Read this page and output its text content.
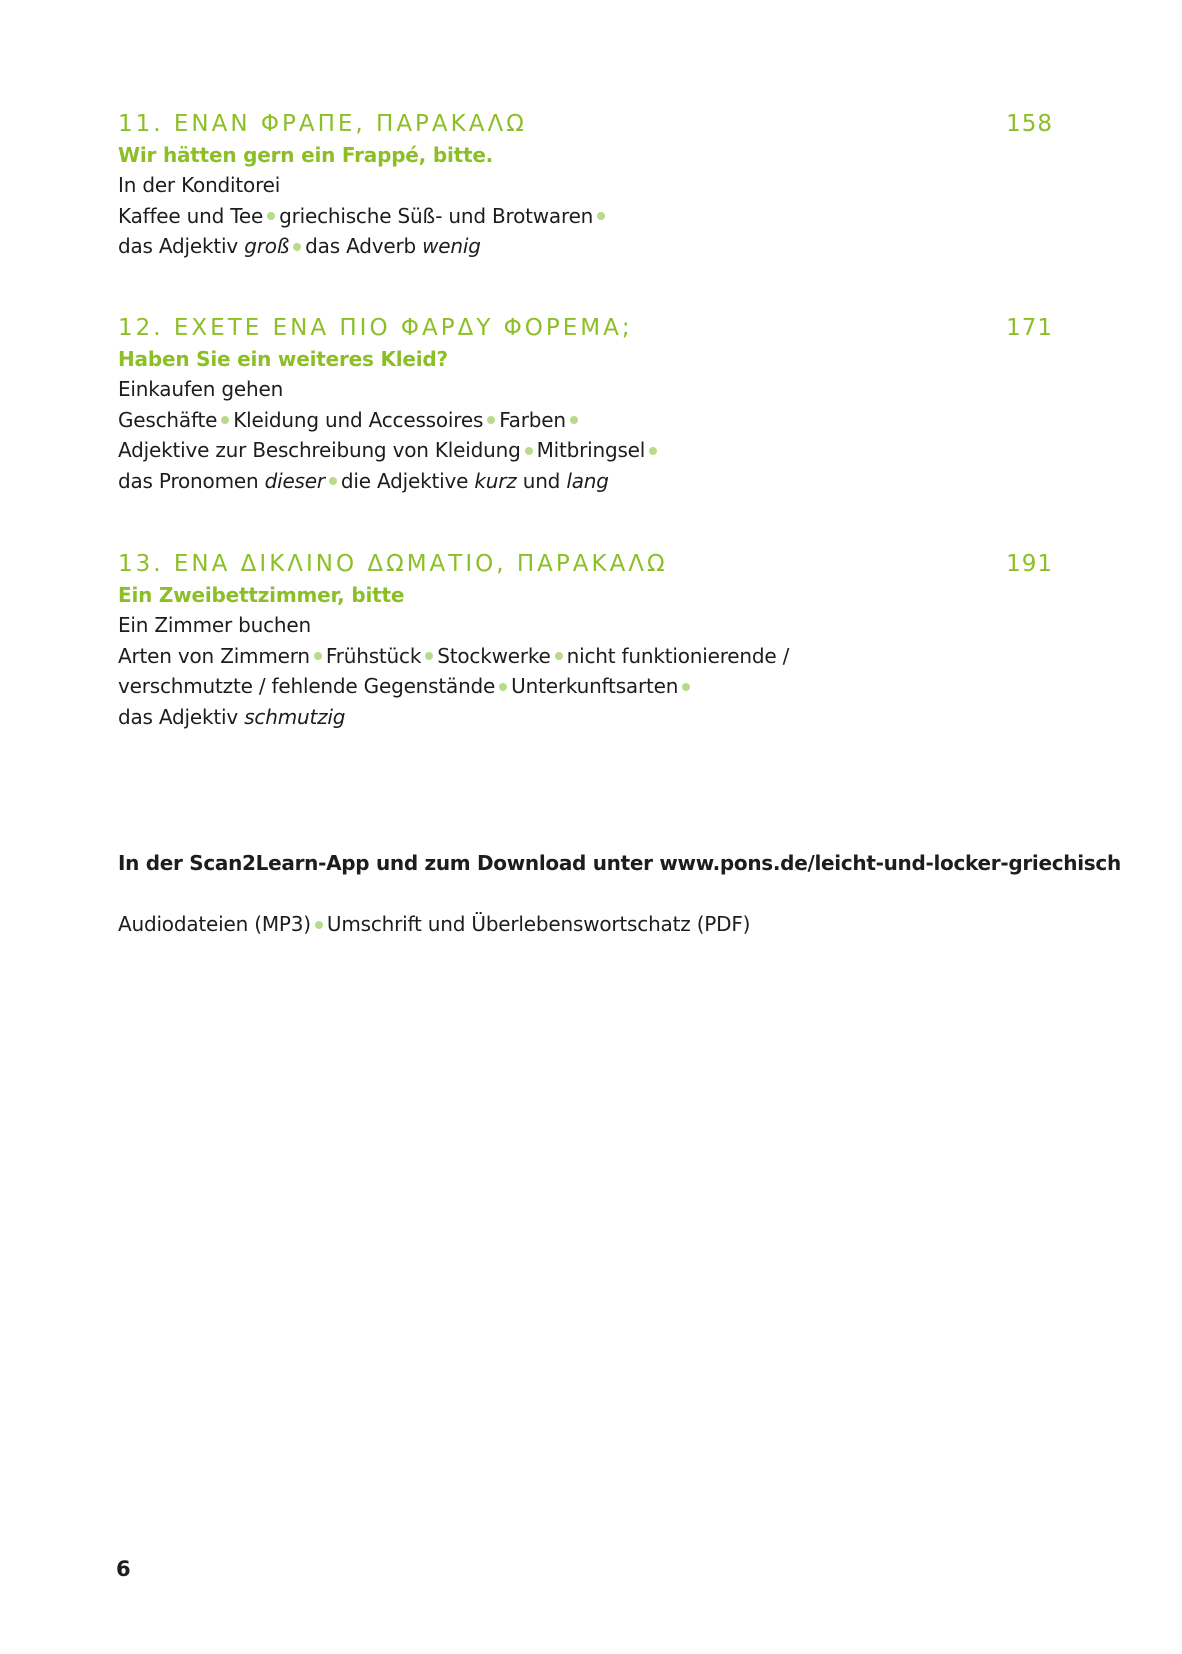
11. ΕΝΑΝ ΦΡΑΠΕ, ΠΑΡΑΚΑΛΩ	158
Wir hätten gern ein Frappé, bitte.
In der Konditorei
Kaffee und Tee griechische Süß- und Brotwaren
das Adjektiv groß das Adverb wenig
12. ΕΧΕΤΕ ΕΝΑ ΠΙΟ ΦΑΡΔΥ ΦΟΡΕΜΑ;	171
Haben Sie ein weiteres Kleid?
Einkaufen gehen
Geschäfte Kleidung und Accessoires Farben
Adjektive zur Beschreibung von Kleidung Mitbringsel
das Pronomen dieser die Adjektive kurz und lang
13. ΕΝΑ ΔΙΚΛΙΝΟ ΔΩΜΑΤΙΟ, ΠΑΡΑΚΑΛΩ	191
Ein Zweibettzimmer, bitte
Ein Zimmer buchen
Arten von Zimmern Frühstück Stockwerke nicht funktionierende /
verschmutzte / fehlende Gegenstände Unterkunftsarten
das Adjektiv schmutzig
In der Scan2Learn-App und zum Download unter www.pons.de/leicht-und-locker-griechisch
Audiodateien (MP3) Umschrift und Überlebenswortschatz (PDF)
6
